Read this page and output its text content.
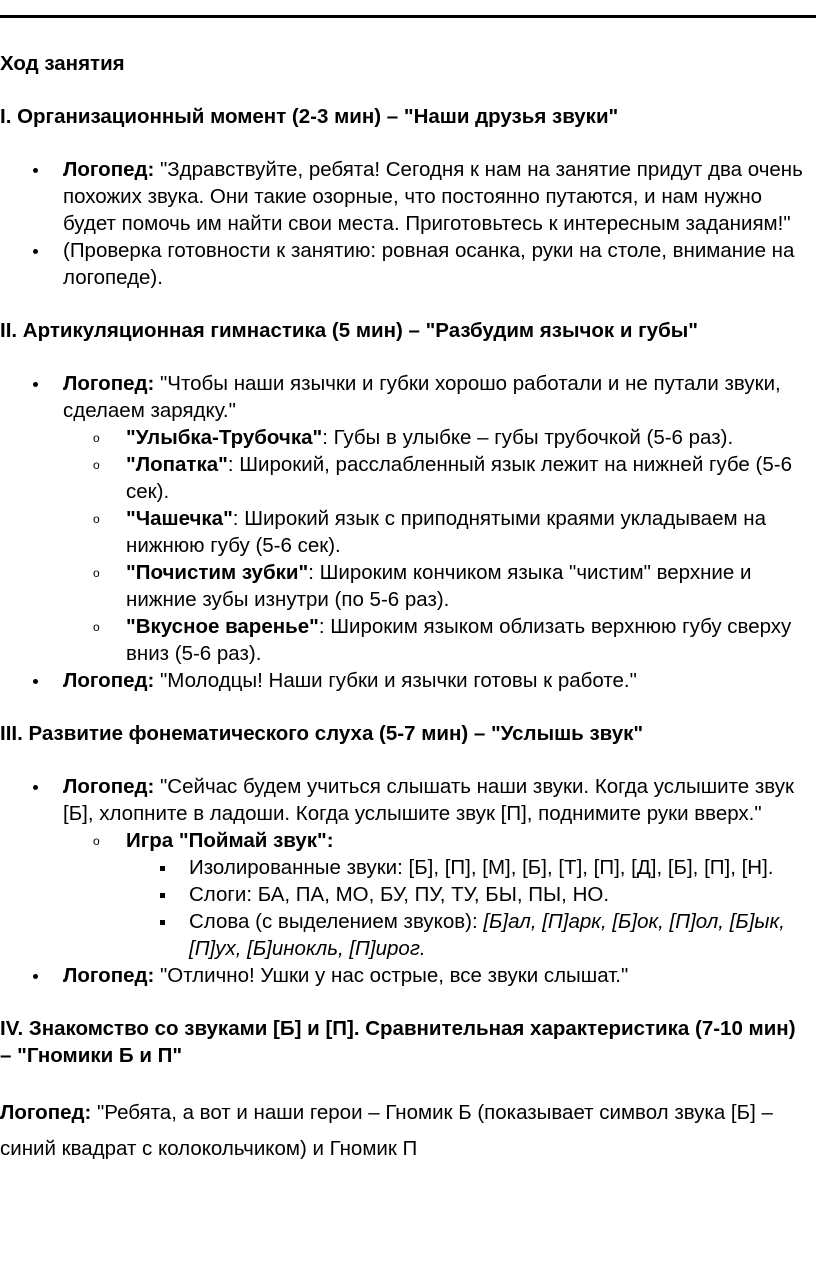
Ход занятия
I. Организационный момент (2-3 мин) – "Наши друзья звуки"
Логопед: "Здравствуйте, ребята! Сегодня к нам на занятие придут два очень похожих звука. Они такие озорные, что постоянно путаются, и нам нужно будет помочь им найти свои места. Приготовьтесь к интересным заданиям!"
(Проверка готовности к занятию: ровная осанка, руки на столе, внимание на логопеде).
II. Артикуляционная гимнастика (5 мин) – "Разбудим язычок и губы"
Логопед: "Чтобы наши язычки и губки хорошо работали и не путали звуки, сделаем зарядку."
o "Улыбка-Трубочка": Губы в улыбке – губы трубочкой (5-6 раз).
o "Лопатка": Широкий, расслабленный язык лежит на нижней губе (5-6 сек).
o "Чашечка": Широкий язык с приподнятыми краями укладываем на нижнюю губу (5-6 сек).
o "Почистим зубки": Широким кончиком языка "чистим" верхние и нижние зубы изнутри (по 5-6 раз).
o "Вкусное варенье": Широким языком облизать верхнюю губу сверху вниз (5-6 раз).
Логопед: "Молодцы! Наши губки и язычки готовы к работе."
III. Развитие фонематического слуха (5-7 мин) – "Услышь звук"
Логопед: "Сейчас будем учиться слышать наши звуки. Когда услышите звук [Б], хлопните в ладоши. Когда услышите звук [П], поднимите руки вверх."
o Игра "Поймай звук":
Изолированные звуки: [Б], [П], [М], [Б], [Т], [П], [Д], [Б], [П], [Н].
Слоги: БА, ПА, МО, БУ, ПУ, ТУ, БЫ, ПЫ, НО.
Слова (с выделением звуков): [Б]ал, [П]арк, [Б]ок, [П]ол, [Б]ык, [П]ух, [Б]инокль, [П]ирог.
Логопед: "Отлично! Ушки у нас острые, все звуки слышат."
IV. Знакомство со звуками [Б] и [П]. Сравнительная характеристика (7-10 мин) – "Гномики Б и П"

Логопед: "Ребята, а вот и наши герои – Гномик Б (показывает символ звука [Б] – синий квадрат с колокольчиком) и Гномик П
